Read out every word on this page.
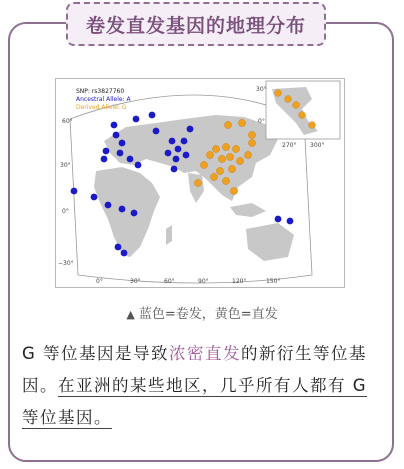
卷发直发基因的地理分布
SNP: rs3827760
Ancestral Allele: A
Derived Allele: G
60°
30°
0°
−30°
0°	30°	60°	90°	120°	150°
30°
0°
270° 300°
▲ 蓝色=卷发，黄色=直发
G 等位基因是导致浓密直发的新衍生等位基因。在亚洲的某些地区，几乎所有人都有 G 等位基因。
